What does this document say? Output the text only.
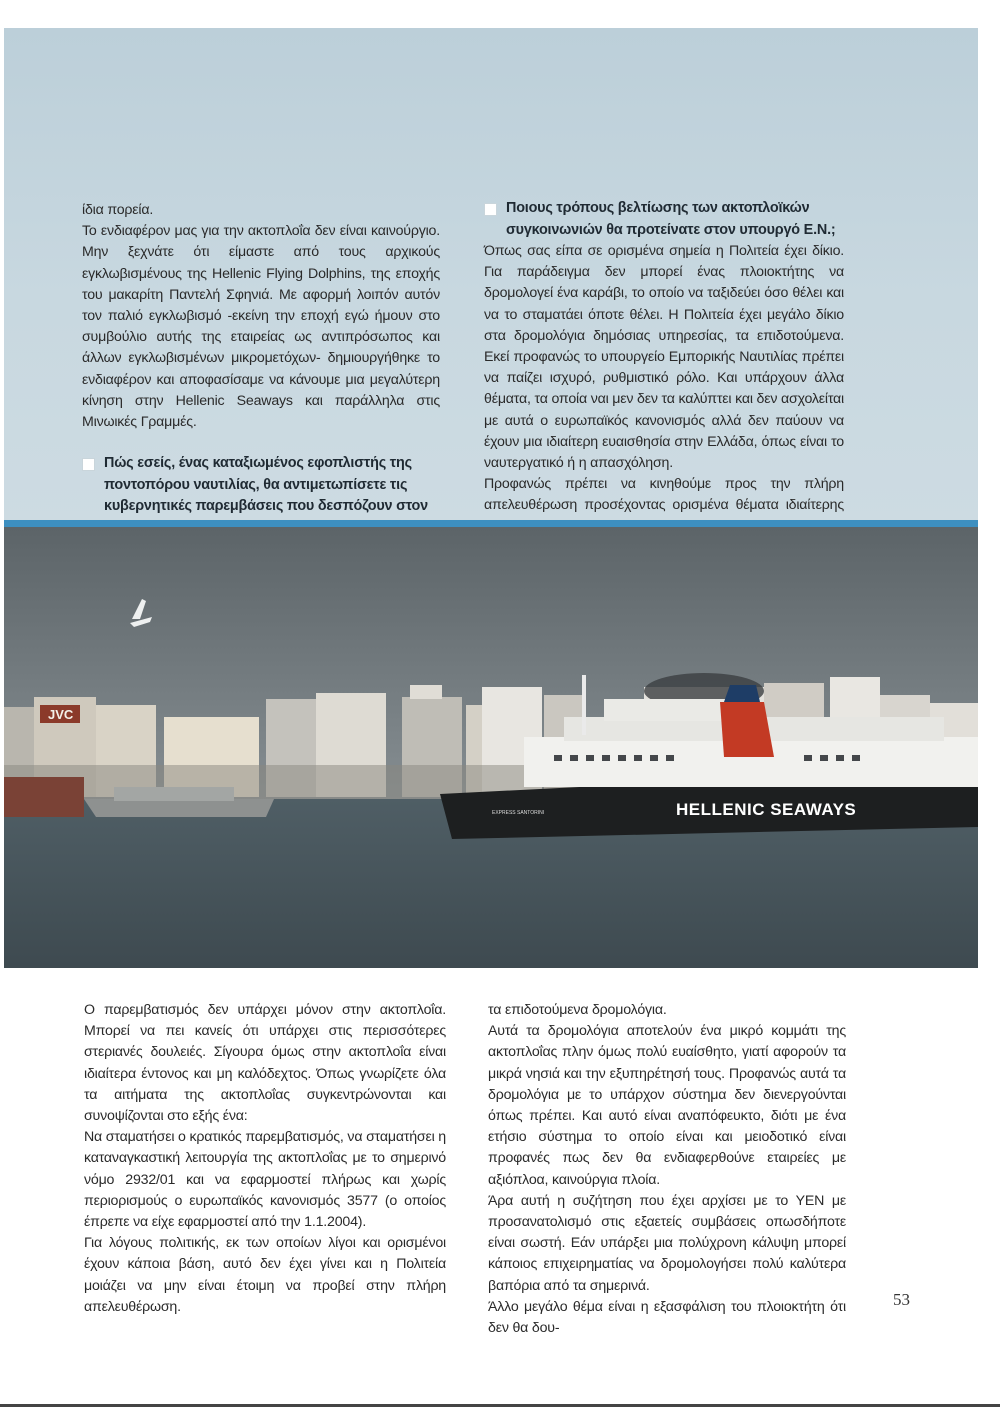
ίδια πορεία.

Το ενδιαφέρον μας για την ακτοπλοΐα δεν είναι καινούργιο. Μην ξεχνάτε ότι είμαστε από τους αρχικούς εγκλωβισμένους της Hellenic Flying Dolphins, της εποχής του μακαρίτη Παντελή Σφηνιά. Με αφορμή λοιπόν αυτόν τον παλιό εγκλωβισμό -εκείνη την εποχή εγώ ήμουν στο συμβούλιο αυτής της εταιρείας ως αντιπρόσωπος και άλλων εγκλωβισμένων μικρομετόχων- δημιουργήθηκε το ενδιαφέρον και αποφασίσαμε να κάνουμε μια μεγαλύτερη κίνηση στην Hellenic Seaways και παράλληλα στις Μινωικές Γραμμές.

Πώς εσείς, ένας καταξιωμένος εφοπλιστής της ποντοπόρου ναυτιλίας, θα αντιμετωπίσετε τις κυβερνητικές παρεμβάσεις που δεσπόζουν στον

Ποιους τρόπους βελτίωσης των ακτοπλοϊκών συγκοινωνιών θα προτείνατε στον υπουργό Ε.Ν.;

Όπως σας είπα σε ορισμένα σημεία η Πολιτεία έχει δίκιο. Για παράδειγμα δεν μπορεί ένας πλοιοκτήτης να δρομολογεί ένα καράβι, το οποίο να ταξιδεύει όσο θέλει και να το σταματάει όποτε θέλει. Η Πολιτεία έχει μεγάλο δίκιο στα δρομολόγια δημόσιας υπηρεσίας, τα επιδοτούμενα. Εκεί προφανώς το υπουργείο Εμπορικής Ναυτιλίας πρέπει να παίζει ισχυρό, ρυθμιστικό ρόλο. Και υπάρχουν άλλα θέματα, τα οποία ναι μεν δεν τα καλύπτει και δεν ασχολείται με αυτά ο ευρωπαϊκός κανονισμός αλλά δεν παύουν να έχουν μια ιδιαίτερη ευαισθησία στην Ελλάδα, όπως είναι το ναυτεργατικό ή η απασχόληση.

Προφανώς πρέπει να κινηθούμε προς την πλήρη απελευθέρωση προσέχοντας ορισμένα θέματα ιδιαίτερης

JVC
HELLENIC SEAWAYS
EXPRESS SANTORINI

Ο παρεμβατισμός δεν υπάρχει μόνον στην ακτοπλοΐα. Μπορεί να πει κανείς ότι υπάρχει στις περισσότερες στεριανές δουλειές. Σίγουρα όμως στην ακτοπλοΐα είναι ιδιαίτερα έντονος και μη καλόδεχτος. Όπως γνωρίζετε όλα τα αιτήματα της ακτοπλοΐας συγκεντρώνονται και συνοψίζονται στο εξής ένα:

Να σταματήσει ο κρατικός παρεμβατισμός, να σταματήσει η καταναγκαστική λειτουργία της ακτοπλοΐας με το σημερινό νόμο 2932/01 και να εφαρμοστεί πλήρως και χωρίς περιορισμούς ο ευρωπαϊκός κανονισμός 3577 (ο οποίος έπρεπε να είχε εφαρμοστεί από την 1.1.2004).

Για λόγους πολιτικής, εκ των οποίων λίγοι και ορισμένοι έχουν κάποια βάση, αυτό δεν έχει γίνει και η Πολιτεία μοιάζει να μην είναι έτοιμη να προβεί στην πλήρη απελευθέρωση.

τα επιδοτούμενα δρομολόγια.

Αυτά τα δρομολόγια αποτελούν ένα μικρό κομμάτι της ακτοπλοΐας πλην όμως πολύ ευαίσθητο, γιατί αφορούν τα μικρά νησιά και την εξυπηρέτησή τους. Προφανώς αυτά τα δρομολόγια με το υπάρχον σύστημα δεν διενεργούνται όπως πρέπει. Και αυτό είναι αναπόφευκτο, διότι με ένα ετήσιο σύστημα το οποίο είναι και μειοδοτικό είναι προφανές πως δεν θα ενδιαφερθούνε εταιρείες με αξιόπλοα, καινούργια πλοία.

Άρα αυτή η συζήτηση που έχει αρχίσει με το ΥΕΝ με προσανατολισμό στις εξαετείς συμβάσεις οπωσδήποτε είναι σωστή. Εάν υπάρξει μια πολύχρονη κάλυψη μπορεί κάποιος επιχειρηματίας να δρομολογήσει πολύ καλύτερα βαπόρια από τα σημερινά.

Άλλο μεγάλο θέμα είναι η εξασφάλιση του πλοιοκτήτη ότι δεν θα δου-

53
